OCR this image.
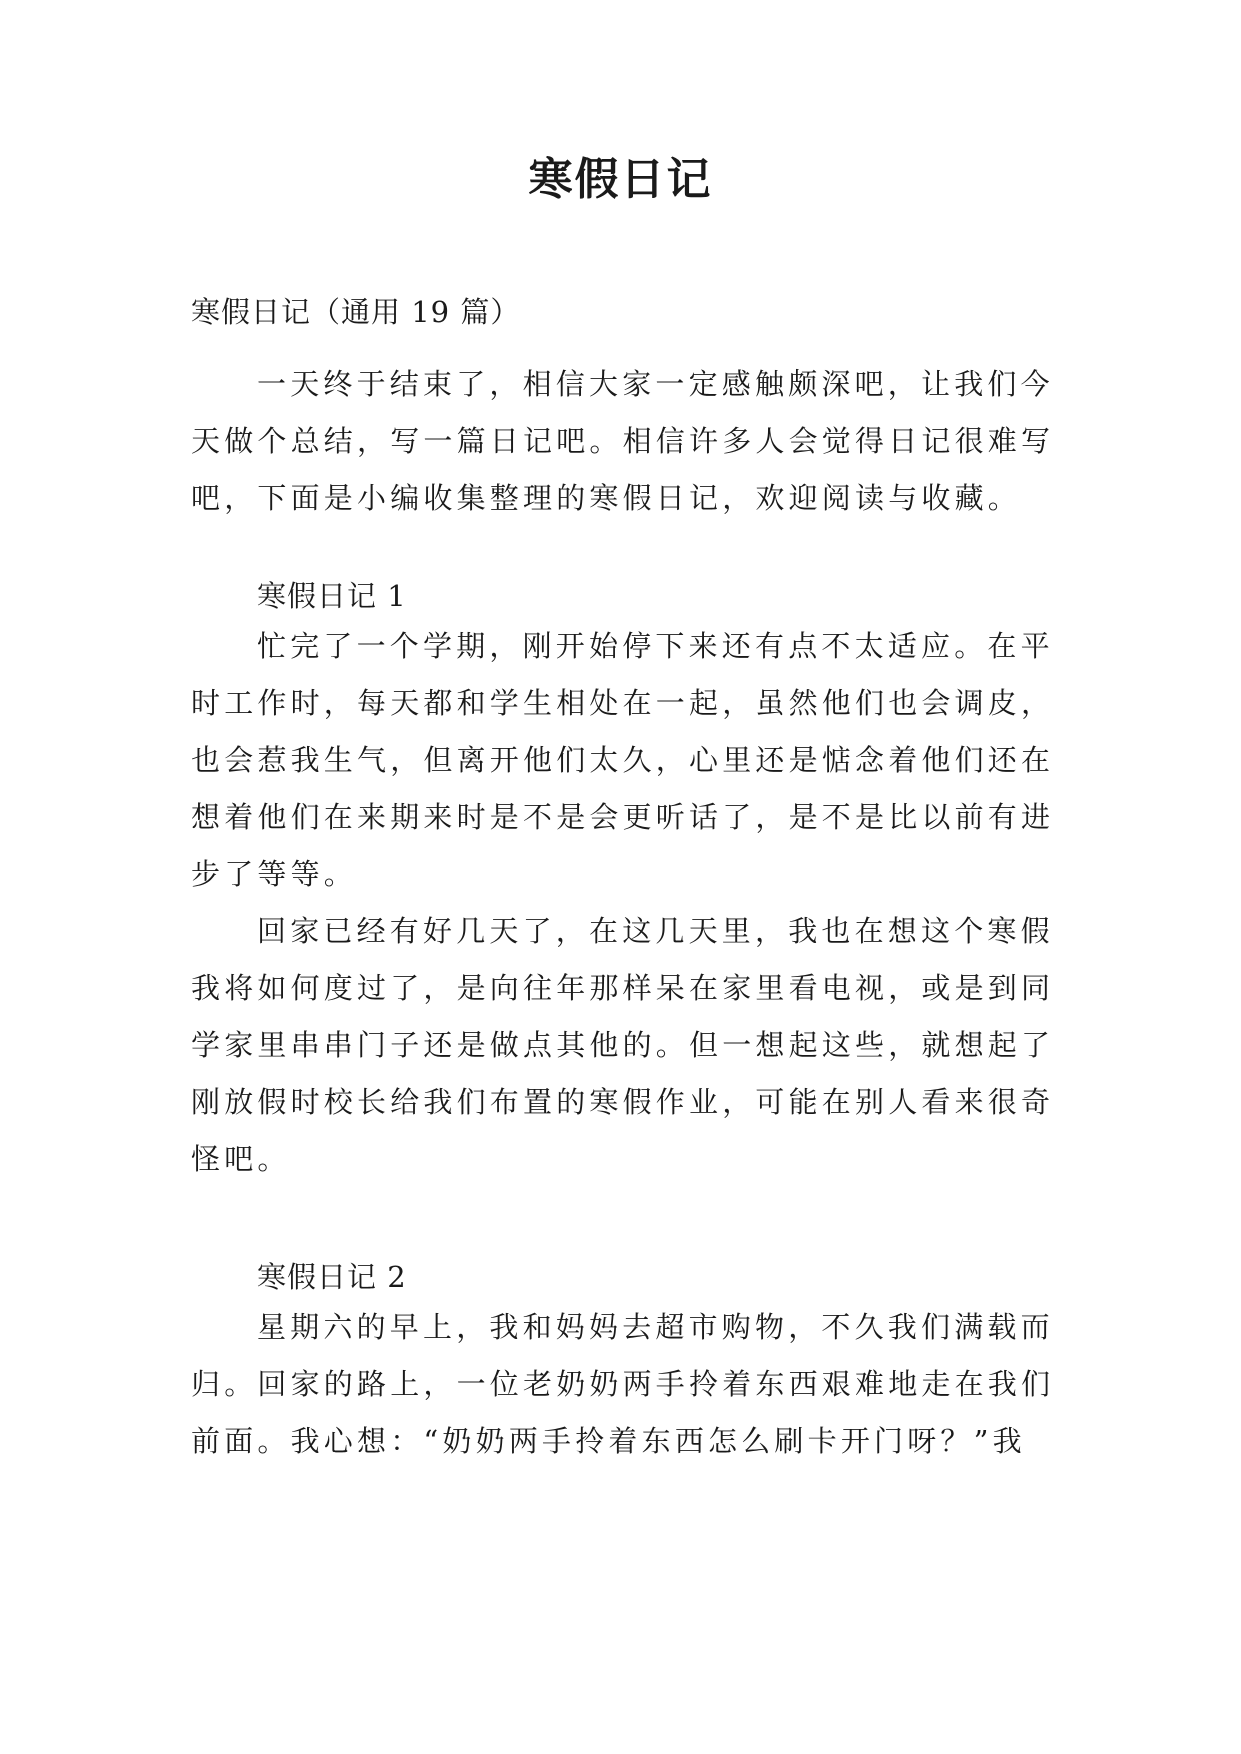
寒假日记
寒假日记（通用 19 篇）
一天终于结束了，相信大家一定感触颇深吧，让我们今
天做个总结，写一篇日记吧。相信许多人会觉得日记很难写
吧，下面是小编收集整理的寒假日记，欢迎阅读与收藏。
寒假日记 1
忙完了一个学期，刚开始停下来还有点不太适应。在平
时工作时，每天都和学生相处在一起，虽然他们也会调皮，
也会惹我生气，但离开他们太久，心里还是惦念着他们还在
想着他们在来期来时是不是会更听话了，是不是比以前有进
步了等等。
回家已经有好几天了，在这几天里，我也在想这个寒假
我将如何度过了，是向往年那样呆在家里看电视，或是到同
学家里串串门子还是做点其他的。但一想起这些，就想起了
刚放假时校长给我们布置的寒假作业，可能在别人看来很奇
怪吧。
寒假日记 2
星期六的早上，我和妈妈去超市购物，不久我们满载而
归。回家的路上，一位老奶奶两手拎着东西艰难地走在我们
前面。我心想：“奶奶两手拎着东西怎么刷卡开门呀？”我
